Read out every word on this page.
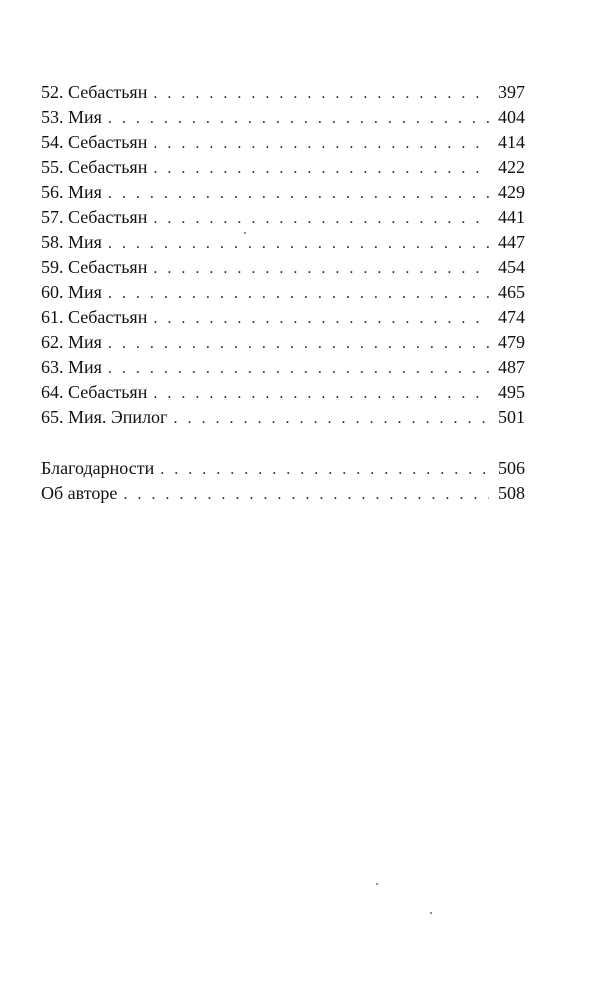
52. Себастьян . . .	397
53. Мия . . .	404
54. Себастьян . . .	414
55. Себастьян . . .	422
56. Мия . . .	429
57. Себастьян . . .	441
58. Мия . . .	447
59. Себастьян . . .	454
60. Мия . . .	465
61. Себастьян . . .	474
62. Мия . . .	479
63. Мия . . .	487
64. Себастьян . . .	495
65. Мия. Эпилог . . .	501
Благодарности . . .	506
Об авторе . . .	508
